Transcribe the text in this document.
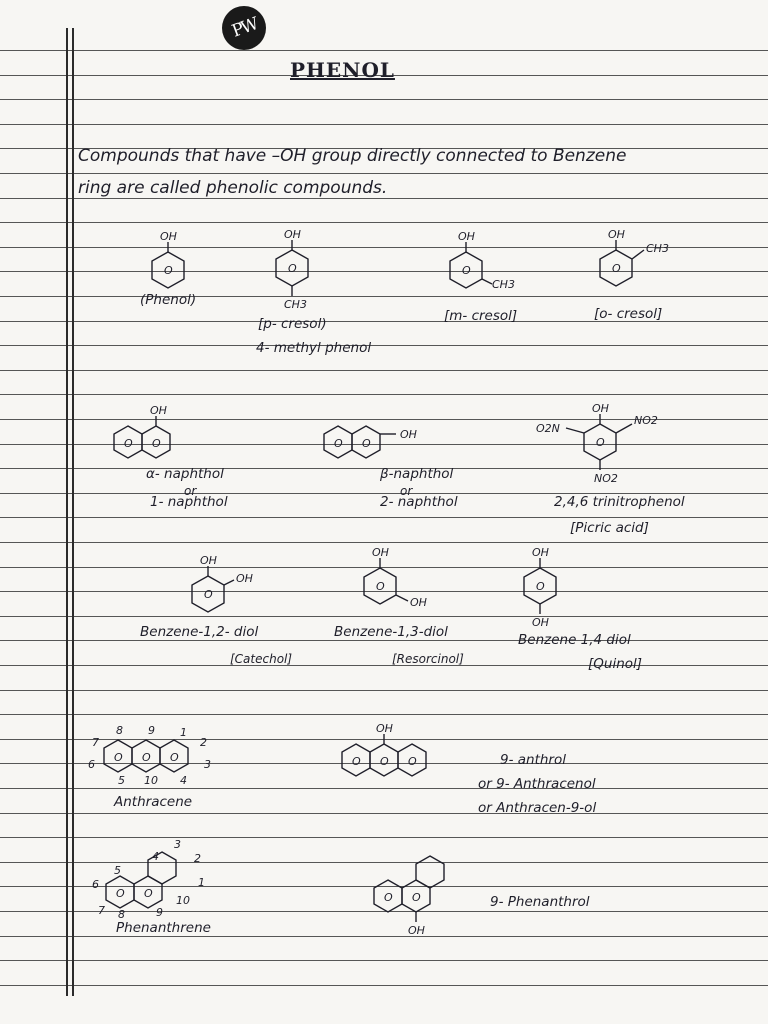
PW
PHENOL
Compounds that have –OH group directly connected to Benzene
ring are called phenolic compounds.
OH
O
(Phenol)
OH
O
CH3
[p- cresol)
4- methyl phenol
OH
O
CH3
[m- cresol]
OH
O
CH3
[o- cresol]
OH
O O
α- naphthol
or
1- naphthol
O O
OH
β-naphthol
or
2- naphthol
OH
O
O2N
NO2
NO2
2,4,6 trinitrophenol
[Picric acid]
OH
O
OH
Benzene-1,2- diol
[Catechol]
OH
O
OH
Benzene-1,3-diol
[Resorcinol]
OH
O
OH
Benzene 1,4 diol
[Quinol]
O O O
8 9 1
7	2
6	3
5 10 4
Anthracene
OH
O O O	9- anthrol
or 9- Anthracenol
or Anthracen-9-ol
O O
3
4	2
5
1
6
10
7 8	9
Phenanthrene
O O
OH
9- Phenanthrol
